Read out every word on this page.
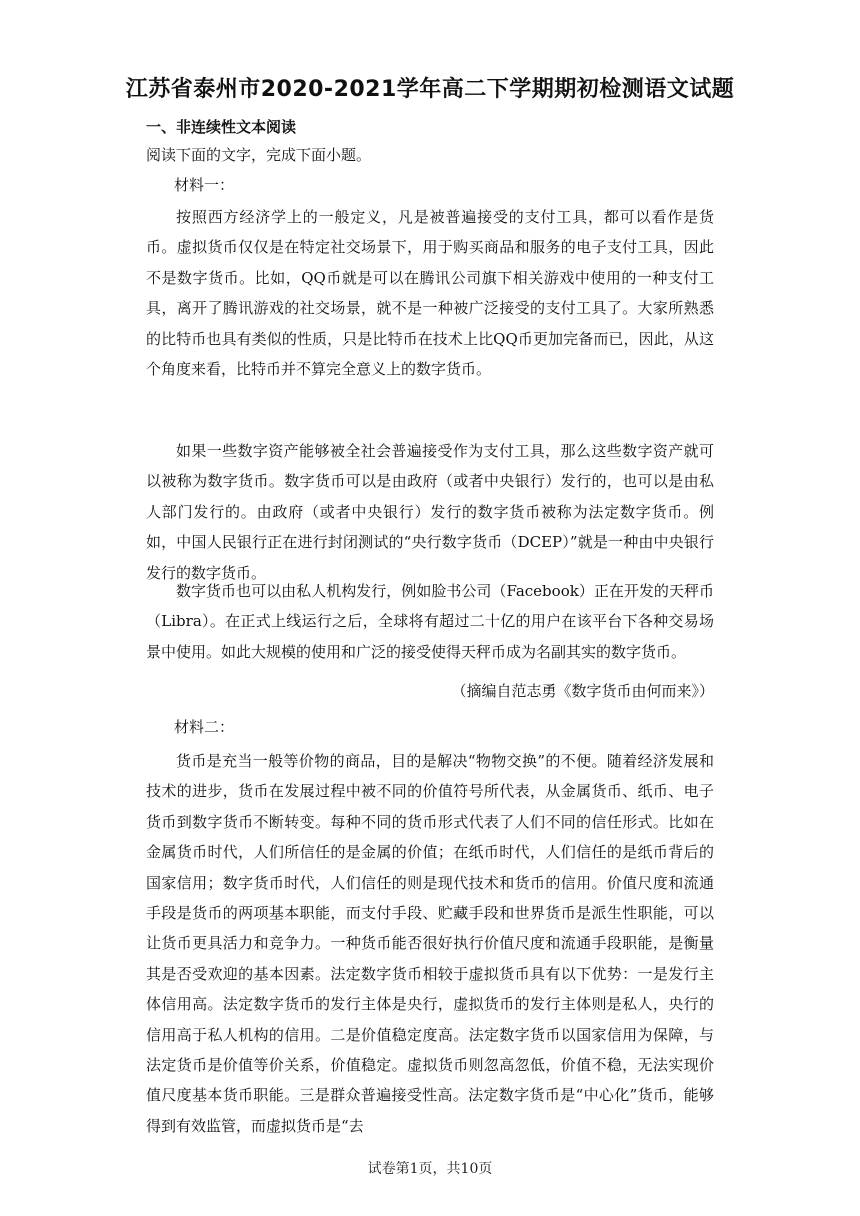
江苏省泰州市2020-2021学年高二下学期期初检测语文试题
一、非连续性文本阅读
阅读下面的文字，完成下面小题。
材料一：

按照西方经济学上的一般定义，凡是被普遍接受的支付工具，都可以看作是货币。虚拟货币仅仅是在特定社交场景下，用于购买商品和服务的电子支付工具，因此不是数字货币。比如，QQ币就是可以在腾讯公司旗下相关游戏中使用的一种支付工具，离开了腾讯游戏的社交场景，就不是一种被广泛接受的支付工具了。大家所熟悉的比特币也具有类似的性质，只是比特币在技术上比QQ币更加完备而已，因此，从这个角度来看，比特币并不算完全意义上的数字货币。

如果一些数字资产能够被全社会普遍接受作为支付工具，那么这些数字资产就可以被称为数字货币。数字货币可以是由政府（或者中央银行）发行的，也可以是由私人部门发行的。由政府（或者中央银行）发行的数字货币被称为法定数字货币。例如，中国人民银行正在进行封闭测试的“央行数字货币（DCEP）”就是一种由中央银行发行的数字货币。

数字货币也可以由私人机构发行，例如脸书公司（Facebook）正在开发的天秤币（Libra）。在正式上线运行之后，全球将有超过二十亿的用户在该平台下各种交易场景中使用。如此大规模的使用和广泛的接受使得天秤币成为名副其实的数字货币。

（摘编自范志勇《数字货币由何而来》）
材料二：

货币是充当一般等价物的商品，目的是解决“物物交换”的不便。随着经济发展和技术的进步，货币在发展过程中被不同的价值符号所代表，从金属货币、纸币、电子货币到数字货币不断转变。每种不同的货币形式代表了人们不同的信任形式。比如在金属货币时代，人们所信任的是金属的价值；在纸币时代，人们信任的是纸币背后的国家信用；数字货币时代，人们信任的则是现代技术和货币的信用。价值尺度和流通手段是货币的两项基本职能，而支付手段、贮藏手段和世界货币是派生性职能，可以让货币更具活力和竞争力。一种货币能否很好执行价值尺度和流通手段职能，是衡量其是否受欢迎的基本因素。法定数字货币相较于虚拟货币具有以下优势：一是发行主体信用高。法定数字货币的发行主体是央行，虚拟货币的发行主体则是私人，央行的信用高于私人机构的信用。二是价值稳定度高。法定数字货币以国家信用为保障，与法定货币是价值等价关系，价值稳定。虚拟货币则忽高忽低，价值不稳，无法实现价值尺度基本货币职能。三是群众普遍接受性高。法定数字货币是“中心化”货币，能够得到有效监管，而虚拟货币是“去

试卷第1页，共10页
